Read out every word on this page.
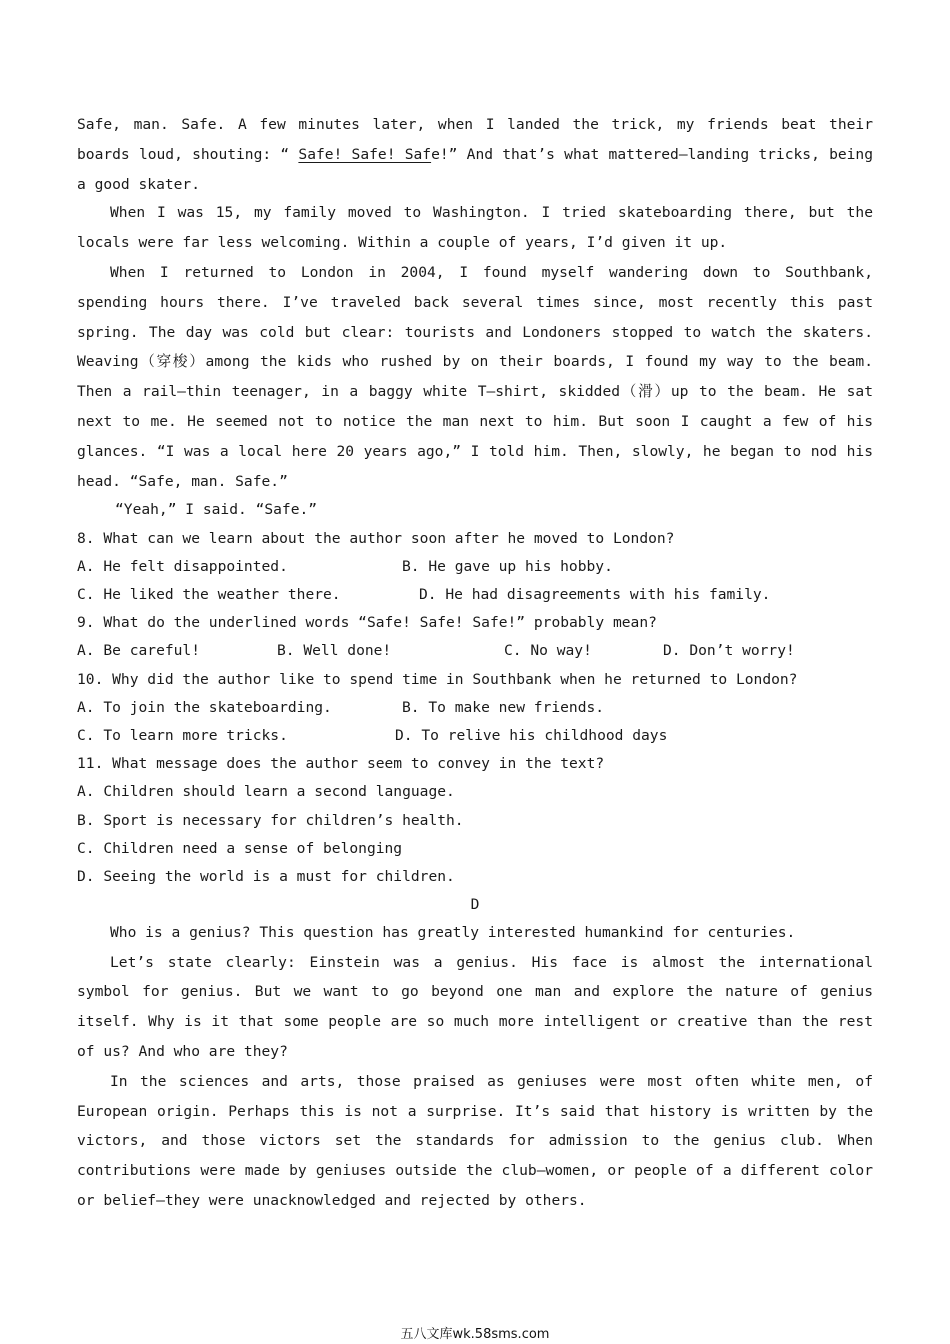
Safe, man. Safe. A few minutes later, when I landed the trick, my friends beat their boards loud, shouting: “ Safe! Safe! Safe!” And that’s what mattered—landing tricks, being a good skater.
When I was 15, my family moved to Washington. I tried skateboarding there, but the locals were far less welcoming. Within a couple of years, I’d given it up.
When I returned to London in 2004, I found myself wandering down to Southbank, spending hours there. I’ve traveled back several times since, most recently this past spring. The day was cold but clear: tourists and Londoners stopped to watch the skaters. Weaving（穿梭）among the kids who rushed by on their boards, I found my way to the beam. Then a rail—thin teenager, in a baggy white T—shirt, skidded（滑）up to the beam. He sat next to me. He seemed not to notice the man next to him. But soon I caught a few of his glances. “I was a local here 20 years ago,” I told him. Then, slowly, he began to nod his head. “Safe, man. Safe.”
“Yeah,” I said. “Safe.”
8. What can we learn about the author soon after he moved to London?
A. He felt disappointed.	B. He gave up his hobby.
C. He liked the weather there.	D. He had disagreements with his family.
9. What do the underlined words “Safe! Safe! Safe!” probably mean?
A. Be careful!	B. Well done!	C. No way!	D. Don’t worry!
10. Why did the author like to spend time in Southbank when he returned to London?
A. To join the skateboarding.	B. To make new friends.
C. To learn more tricks.	D. To relive his childhood days
11. What message does the author seem to convey in the text?
A. Children should learn a second language.
B. Sport is necessary for children’s health.
C. Children need a sense of belonging
D. Seeing the world is a must for children.
D
Who is a genius? This question has greatly interested humankind for centuries.
Let’s state clearly: Einstein was a genius. His face is almost the international symbol for genius. But we want to go beyond one man and explore the nature of genius itself. Why is it that some people are so much more intelligent or creative than the rest of us? And who are they?
In the sciences and arts, those praised as geniuses were most often white men, of European origin. Perhaps this is not a surprise. It’s said that history is written by the victors, and those victors set the standards for admission to the genius club. When contributions were made by geniuses outside the club—women, or people of a different color or belief—they were unacknowledged and rejected by others.
五八文库wk.58sms.com
